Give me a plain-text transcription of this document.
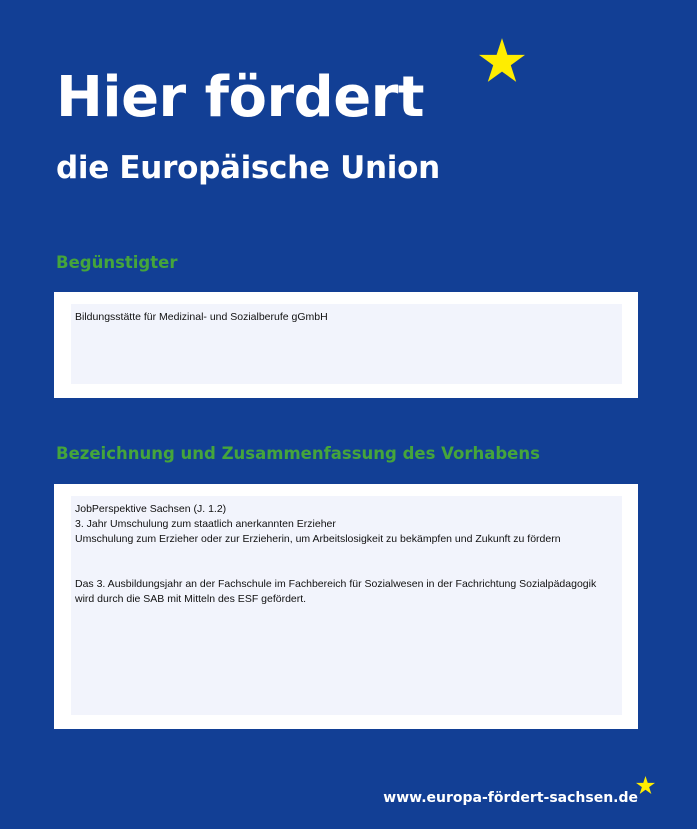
Hier fördert
die Europäische Union
Begünstigter
Bildungsstätte für Medizinal- und Sozialberufe gGmbH
Bezeichnung und Zusammenfassung des Vorhabens
JobPerspektive Sachsen (J. 1.2)
3. Jahr Umschulung zum staatlich anerkannten Erzieher
Umschulung zum Erzieher oder zur Erzieherin, um Arbeitslosigkeit zu bekämpfen und Zukunft zu fördern
Das 3. Ausbildungsjahr an der Fachschule im Fachbereich für Sozialwesen in der Fachrichtung Sozialpädagogik
wird durch die SAB mit Mitteln des ESF gefördert.
www.europa-fördert-sachsen.de
